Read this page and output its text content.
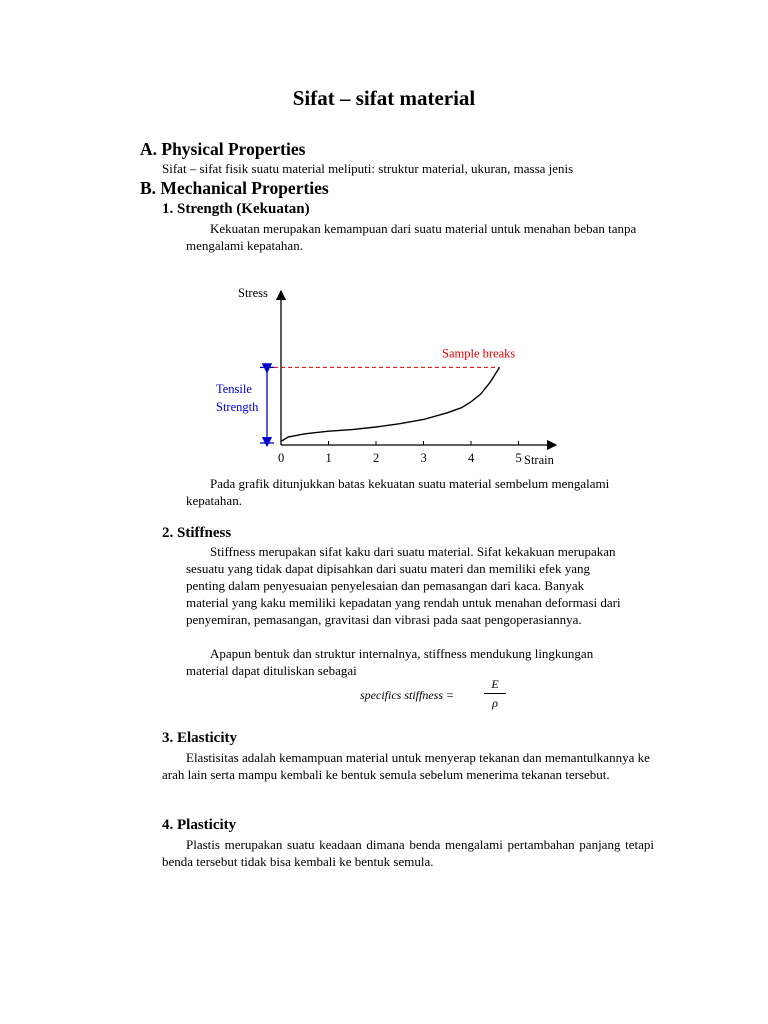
Sifat – sifat material
A. Physical Properties
Sifat – sifat fisik suatu material meliputi: struktur material, ukuran, massa jenis
B. Mechanical Properties
1. Strength (Kekuatan)
Kekuatan merupakan kemampuan dari suatu material untuk menahan beban tanpa mengalami kepatahan.
Stress
Strain
0	1	2	3	4	5
Sample breaks
Tensile
Strength
Pada grafik ditunjukkan batas kekuatan suatu material sembelum mengalami kepatahan.
2. Stiffness
Stiffness merupakan sifat kaku dari suatu material. Sifat kekakuan merupakan sesuatu yang tidak dapat dipisahkan dari suatu materi dan memiliki efek yang penting dalam penyesuaian penyelesaian dan pemasangan dari kaca. Banyak material yang kaku memiliki kepadatan yang rendah untuk menahan deformasi dari penyemiran, pemasangan, gravitasi dan vibrasi pada saat pengoperasiannya.
Apapun bentuk dan struktur internalnya, stiffness mendukung lingkungan material dapat dituliskan sebagai
specifics stiffness =
E
ρ
3. Elasticity
Elastisitas adalah kemampuan material untuk menyerap tekanan dan memantulkannya ke arah lain serta mampu kembali ke bentuk semula sebelum menerima tekanan tersebut.
4. Plasticity
Plastis merupakan suatu keadaan dimana benda mengalami pertambahan panjang tetapi benda tersebut tidak bisa kembali ke bentuk semula.
